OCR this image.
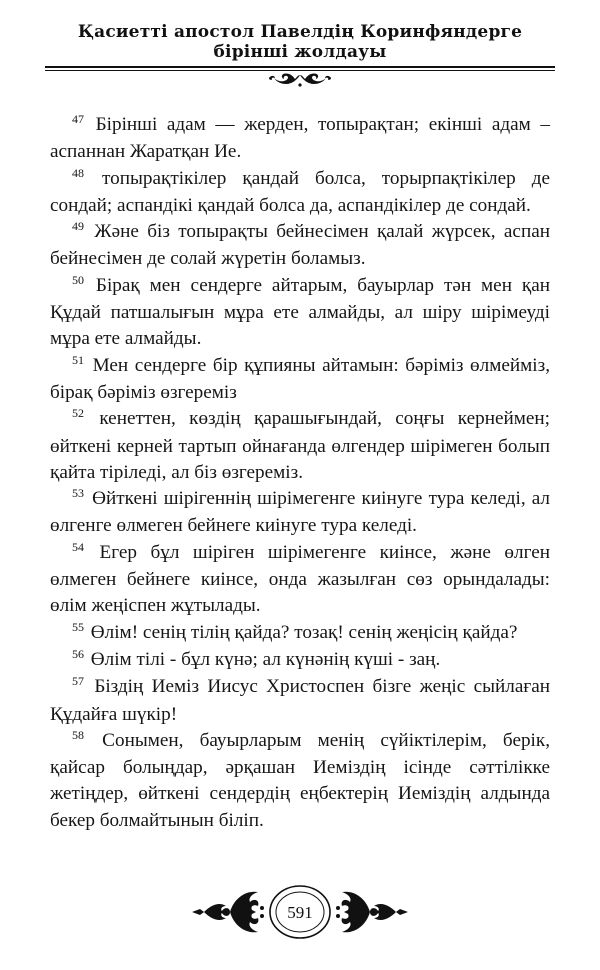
Қасиетті апостол Павелдің Коринфяндерге
бірінші жолдауы

$^{47}$ Бірінші адам — жерден, топырақтан; екінші адам – аспаннан Жаратқан Ие.

$^{48}$ топырақтікілер қандай болса, торырпақтікілер де сондай; аспандікі қандай болса да, аспандікілер де сондай.

$^{49}$ Және біз топырақты бейнесімен қалай жүрсек, аспан бейнесімен де солай жүретін боламыз.

$^{50}$ Бірақ мен сендерге айтарым, бауырлар тән мен қан Құдай патшалығын мұра ете алмайды, ал шіру шірімеуді мұра ете алмайды.

$^{51}$ Мен сендерге бір құпияны айтамын: бәріміз өлмейміз, бірақ бәріміз өзгереміз

$^{52}$ кенеттен, көздің қарашығындай, соңғы кернеймен; өйткені керней тартып ойнағанда өлгендер шірімеген болып қайта тіріледі, ал біз өзгереміз.

$^{53}$ Өйткені шірігеннің шірімегенге киінуге тура келеді, ал өлгенге өлмеген бейнеге киінуге тура келеді.

$^{54}$ Егер бұл шіріген шірімегенге киінсе, және өлген өлмеген бейнеге киінсе, онда жазылған сөз орындалады: өлім жеңіспен жұтылады.

$^{55}$ Өлім! сенің тілің қайда? тозақ! сенің жеңісің қайда?

$^{56}$ Өлім тілі - бұл күнә; ал күнәнің күші - заң.

$^{57}$ Біздің Иеміз Иисус Христоспен бізге жеңіс сыйлаған Құдайға шүкір!

$^{58}$ Сонымен, бауырларым менің сүйіктілерім, берік, қайсар болыңдар, әрқашан Иеміздің ісінде сәттілікке жетіңдер, өйткені сендердің еңбектерің Иеміздің алдында бекер болмайтынын біліп.

591
